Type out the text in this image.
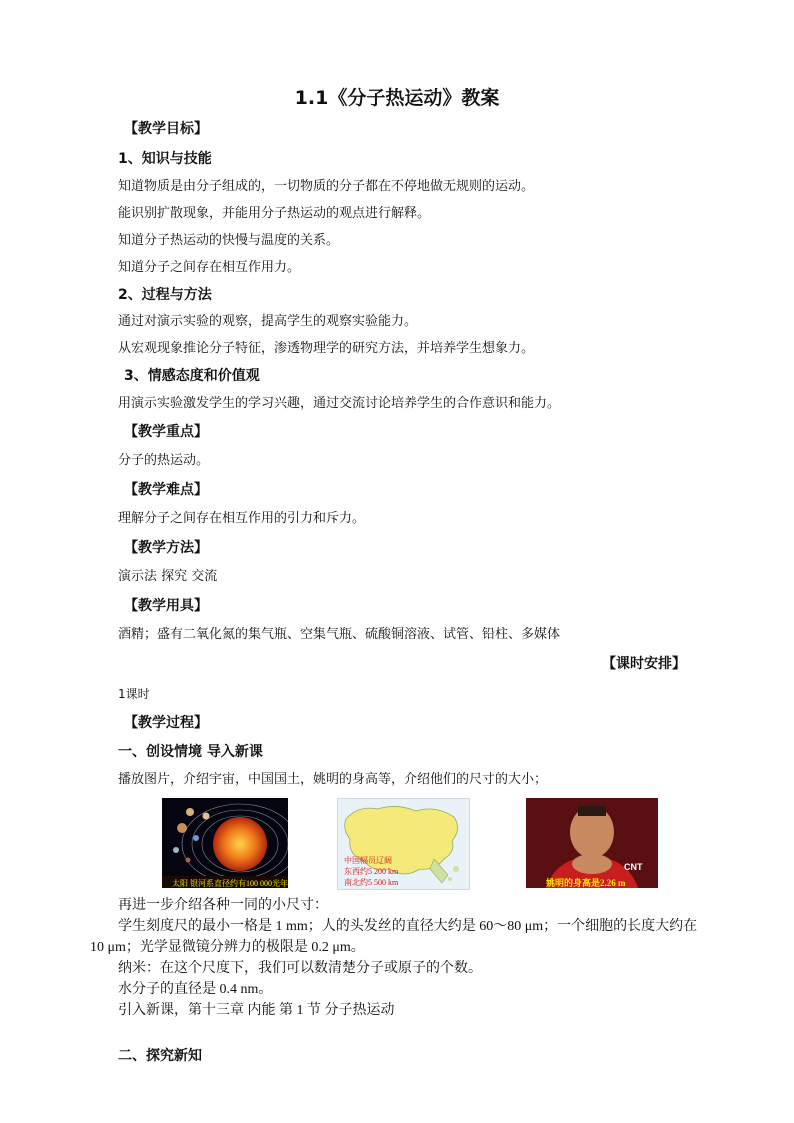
1.1《分子热运动》教案
【教学目标】
1、知识与技能
知道物质是由分子组成的，一切物质的分子都在不停地做无规则的运动。
能识别扩散现象，并能用分子热运动的观点进行解释。
知道分子热运动的快慢与温度的关系。
知道分子之间存在相互作用力。
2、过程与方法
通过对演示实验的观察，提高学生的观察实验能力。
从宏观现象推论分子特征，渗透物理学的研究方法，并培养学生想象力。
3、情感态度和价值观
用演示实验激发学生的学习兴趣，通过交流讨论培养学生的合作意识和能力。
【教学重点】
分子的热运动。
【教学难点】
理解分子之间存在相互作用的引力和斥力。
【教学方法】
演示法 探究 交流
【教学用具】
酒精；盛有二氧化氮的集气瓶、空集气瓶、硫酸铜溶液、试管、铅柱、多媒体
【课时安排】
1课时
【教学过程】
一、创设情境 导入新课
播放图片，介绍宇宙，中国国土，姚明的身高等，介绍他们的尺寸的大小；
太阳 银河系直径约有100 000光年
中国幅员辽阔
东西约5 200 km
南北约5 500 km
CNT
姚明的身高是2.26 m
再进一步介绍各种一同的小尺寸：
学生刻度尺的最小一格是 1 mm；人的头发丝的直径大约是 60～80 μm；一个细胞的长度大约在
10 μm；光学显微镜分辨力的极限是 0.2 μm。
纳米：在这个尺度下，我们可以数清楚分子或原子的个数。
水分子的直径是 0.4 nm。
引入新课，第十三章 内能 第 1 节 分子热运动
二、探究新知
